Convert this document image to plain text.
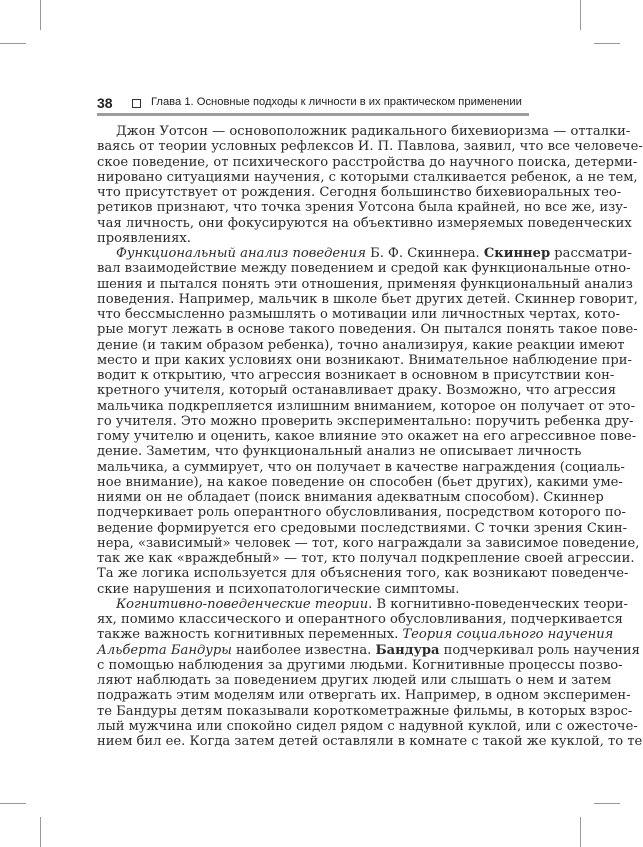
38	Глава 1. Основные подходы к личности в их практическом применении
Джон Уотсон — основоположник радикального бихевиоризма — отталки-
ваясь от теории условных рефлексов И. П. Павлова, заявил, что все человече-
ское поведение, от психического расстройства до научного поиска, детерми-
нировано ситуациями научения, с которыми сталкивается ребенок, а не тем,
что присутствует от рождения. Сегодня большинство бихевиоральных тео-
ретиков признают, что точка зрения Уотсона была крайней, но все же, изу-
чая личность, они фокусируются на объективно измеряемых поведенческих
проявлениях.
Функциональный анализ поведения Б. Ф. Скиннера. Скиннер рассматри-
вал взаимодействие между поведением и средой как функциональные отно-
шения и пытался понять эти отношения, применяя функциональный анализ
поведения. Например, мальчик в школе бьет других детей. Скиннер говорит,
что бессмысленно размышлять о мотивации или личностных чертах, кото-
рые могут лежать в основе такого поведения. Он пытался понять такое пове-
дение (и таким образом ребенка), точно анализируя, какие реакции имеют
место и при каких условиях они возникают. Внимательное наблюдение при-
водит к открытию, что агрессия возникает в основном в присутствии кон-
кретного учителя, который останавливает драку. Возможно, что агрессия
мальчика подкрепляется излишним вниманием, которое он получает от это-
го учителя. Это можно проверить экспериментально: поручить ребенка дру-
гому учителю и оценить, какое влияние это окажет на его агрессивное пове-
дение. Заметим, что функциональный анализ не описывает личность
мальчика, а суммирует, что он получает в качестве награждения (социаль-
ное внимание), на какое поведение он способен (бьет других), какими уме-
ниями он не обладает (поиск внимания адекватным способом). Скиннер
подчеркивает роль оперантного обусловливания, посредством которого по-
ведение формируется его средовыми последствиями. С точки зрения Скин-
нера, «зависимый» человек — тот, кого награждали за зависимое поведение,
так же как «враждебный» — тот, кто получал подкрепление своей агрессии.
Та же логика используется для объяснения того, как возникают поведенче-
ские нарушения и психопатологические симптомы.
Когнитивно-поведенческие теории. В когнитивно-поведенческих теори-
ях, помимо классического и оперантного обусловливания, подчеркивается
также важность когнитивных переменных. Теория социального научения
Альберта Бандуры наиболее известна. Бандура подчеркивал роль научения
с помощью наблюдения за другими людьми. Когнитивные процессы позво-
ляют наблюдать за поведением других людей или слышать о нем и затем
подражать этим моделям или отвергать их. Например, в одном эксперимен-
те Бандуры детям показывали короткометражные фильмы, в которых взрос-
лый мужчина или спокойно сидел рядом с надувной куклой, или с ожесточе-
нием бил ее. Когда затем детей оставляли в комнате с такой же куклой, то те
